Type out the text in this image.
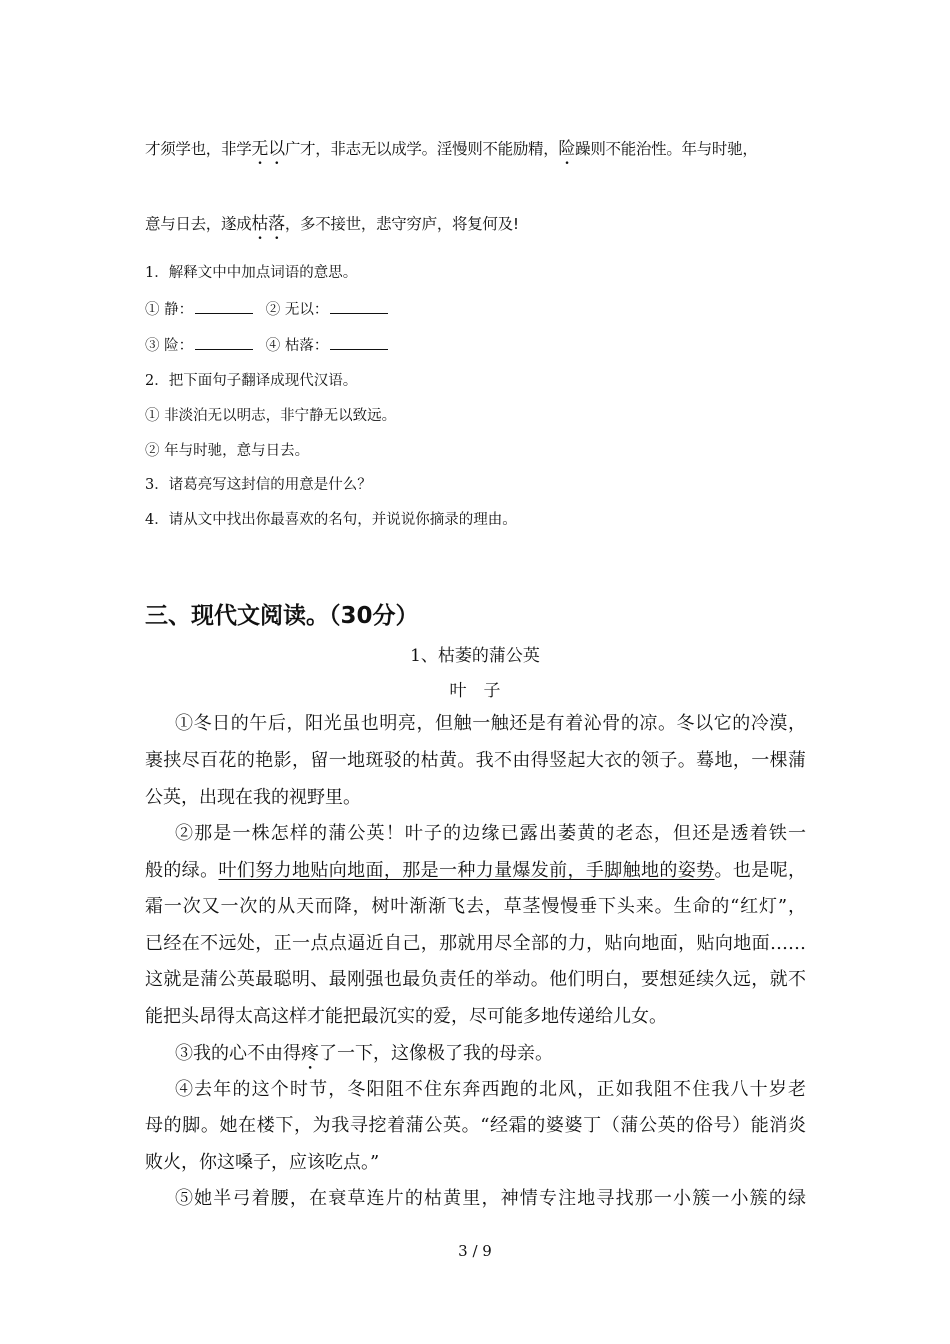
才须学也，非学无以广才，非志无以成学。淫慢则不能励精，险躁则不能治性。年与时驰，
意与日去，遂成枯落，多不接世，悲守穷庐，将复何及!
1．解释文中中加点词语的意思。
① 静：	② 无以：
③ 险：	④ 枯落：
2．把下面句子翻译成现代汉语。
① 非淡泊无以明志，非宁静无以致远。
② 年与时驰，意与日去。
3．诸葛亮写这封信的用意是什么？
4．请从文中找出你最喜欢的名句，并说说你摘录的理由。
三、现代文阅读。（30分）
1、枯萎的蒲公英
叶　子
①冬日的午后，阳光虽也明亮，但触一触还是有着沁骨的凉。冬以它的冷漠，
裹挟尽百花的艳影，留一地斑驳的枯黄。我不由得竖起大衣的领子。蓦地，一棵蒲
公英，出现在我的视野里。
②那是一株怎样的蒲公英！叶子的边缘已露出萎黄的老态，但还是透着铁一
般的绿。叶们努力地贴向地面，那是一种力量爆发前，手脚触地的姿势。也是呢，
霜一次又一次的从天而降，树叶渐渐飞去，草茎慢慢垂下头来。生命的“红灯”，
已经在不远处，正一点点逼近自己，那就用尽全部的力，贴向地面，贴向地面……
这就是蒲公英最聪明、最刚强也最负责任的举动。他们明白，要想延续久远，就不
能把头昂得太高这样才能把最沉实的爱，尽可能多地传递给儿女。
③我的心不由得疼了一下，这像极了我的母亲。
④去年的这个时节，冬阳阻不住东奔西跑的北风，正如我阻不住我八十岁老
母的脚。她在楼下，为我寻挖着蒲公英。“经霜的婆婆丁（蒲公英的俗号）能消炎
败火，你这嗓子，应该吃点。”
⑤她半弓着腰，在衰草连片的枯黄里，神情专注地寻找那一小簇一小簇的绿
3 / 9
